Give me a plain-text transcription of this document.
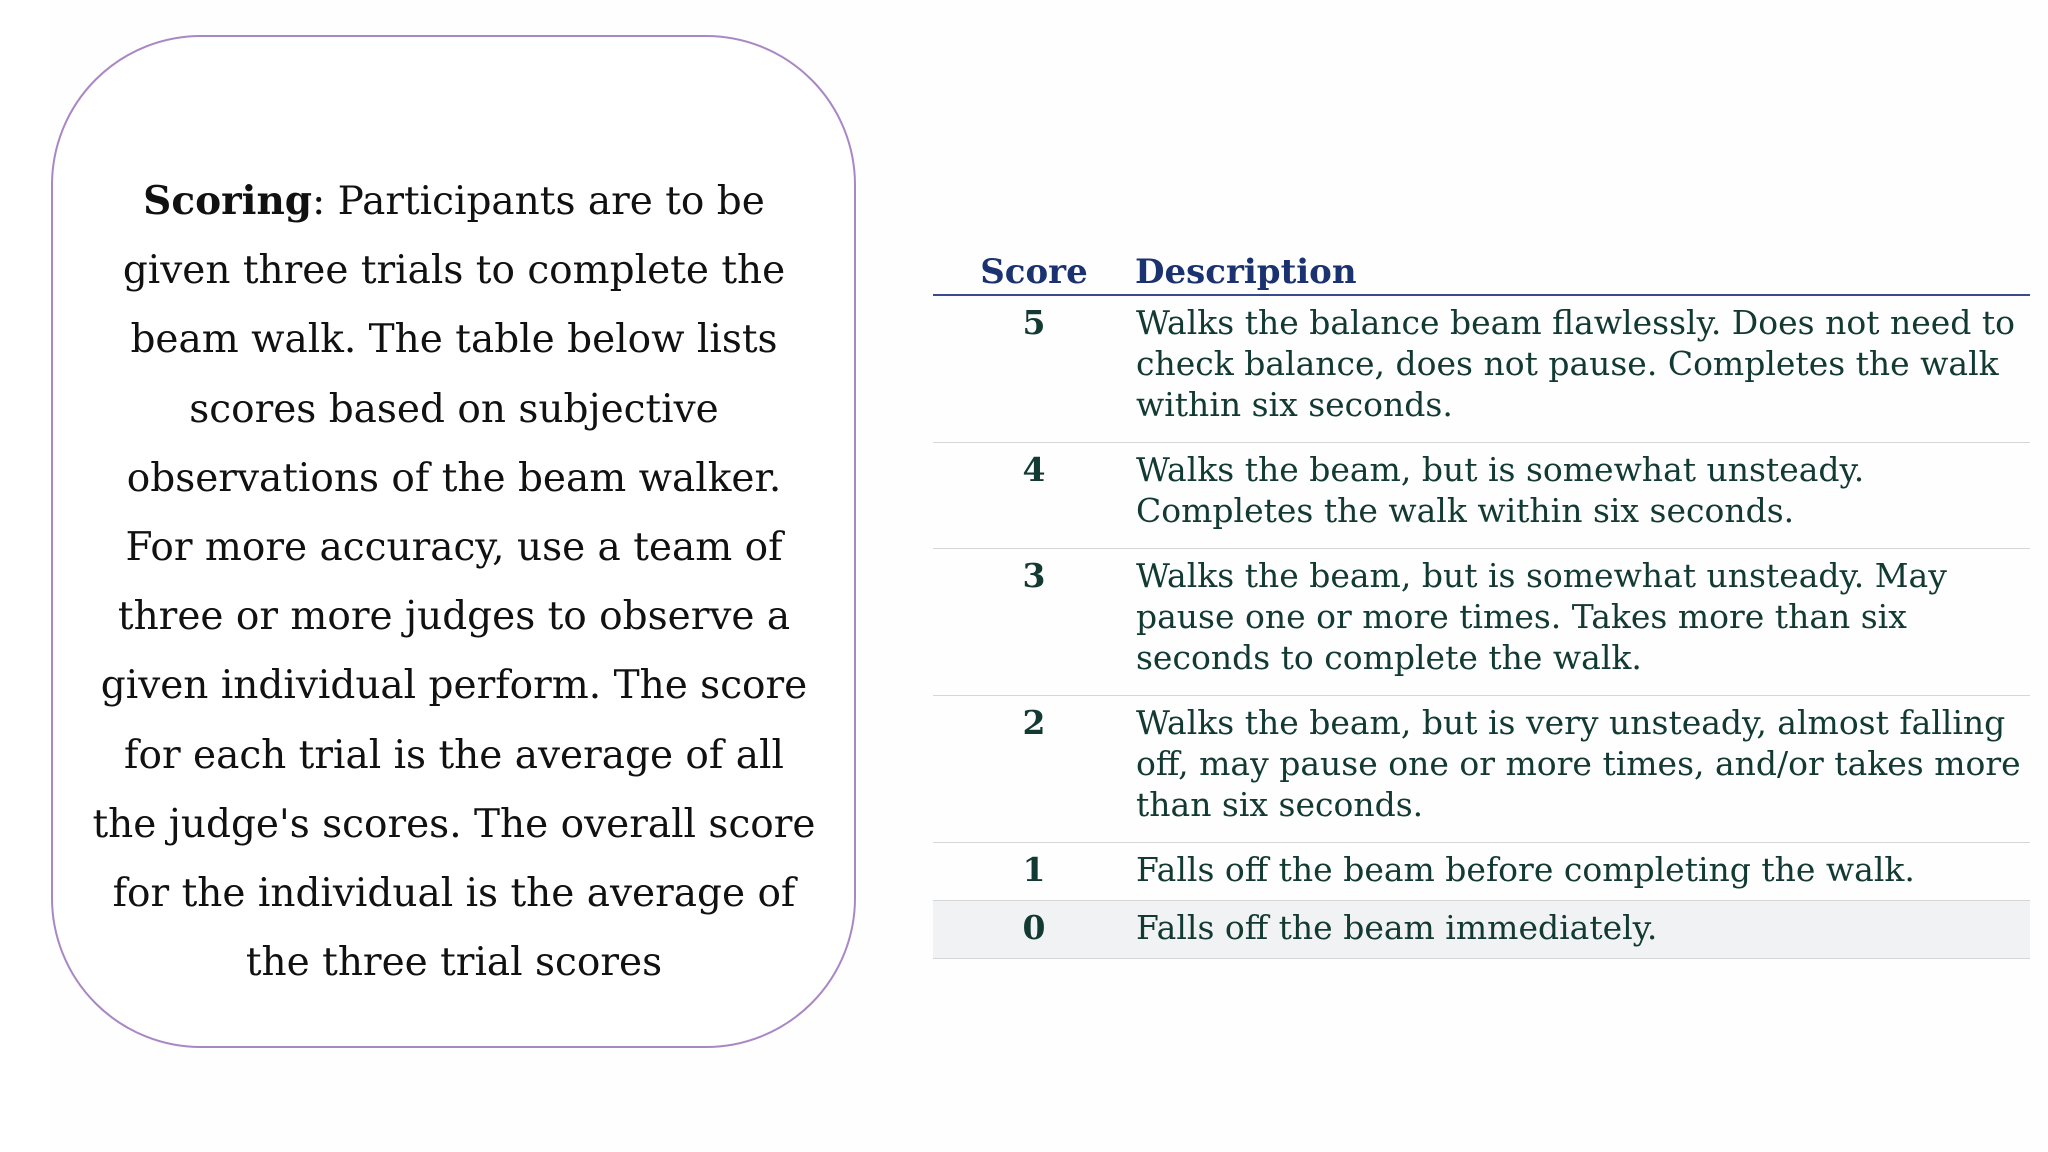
Scoring: Participants are to be given three trials to complete the beam walk. The table below lists scores based on subjective observations of the beam walker. For more accuracy, use a team of three or more judges to observe a given individual perform. The score for each trial is the average of all the judge's scores. The overall score for the individual is the average of the three trial scores

Score	Description
5	Walks the balance beam flawlessly. Does not need to check balance, does not pause. Completes the walk within six seconds.
4	Walks the beam, but is somewhat unsteady. Completes the walk within six seconds.
3	Walks the beam, but is somewhat unsteady. May pause one or more times. Takes more than six seconds to complete the walk.
2	Walks the beam, but is very unsteady, almost falling off, may pause one or more times, and/or takes more than six seconds.
1	Falls off the beam before completing the walk.
0	Falls off the beam immediately.
